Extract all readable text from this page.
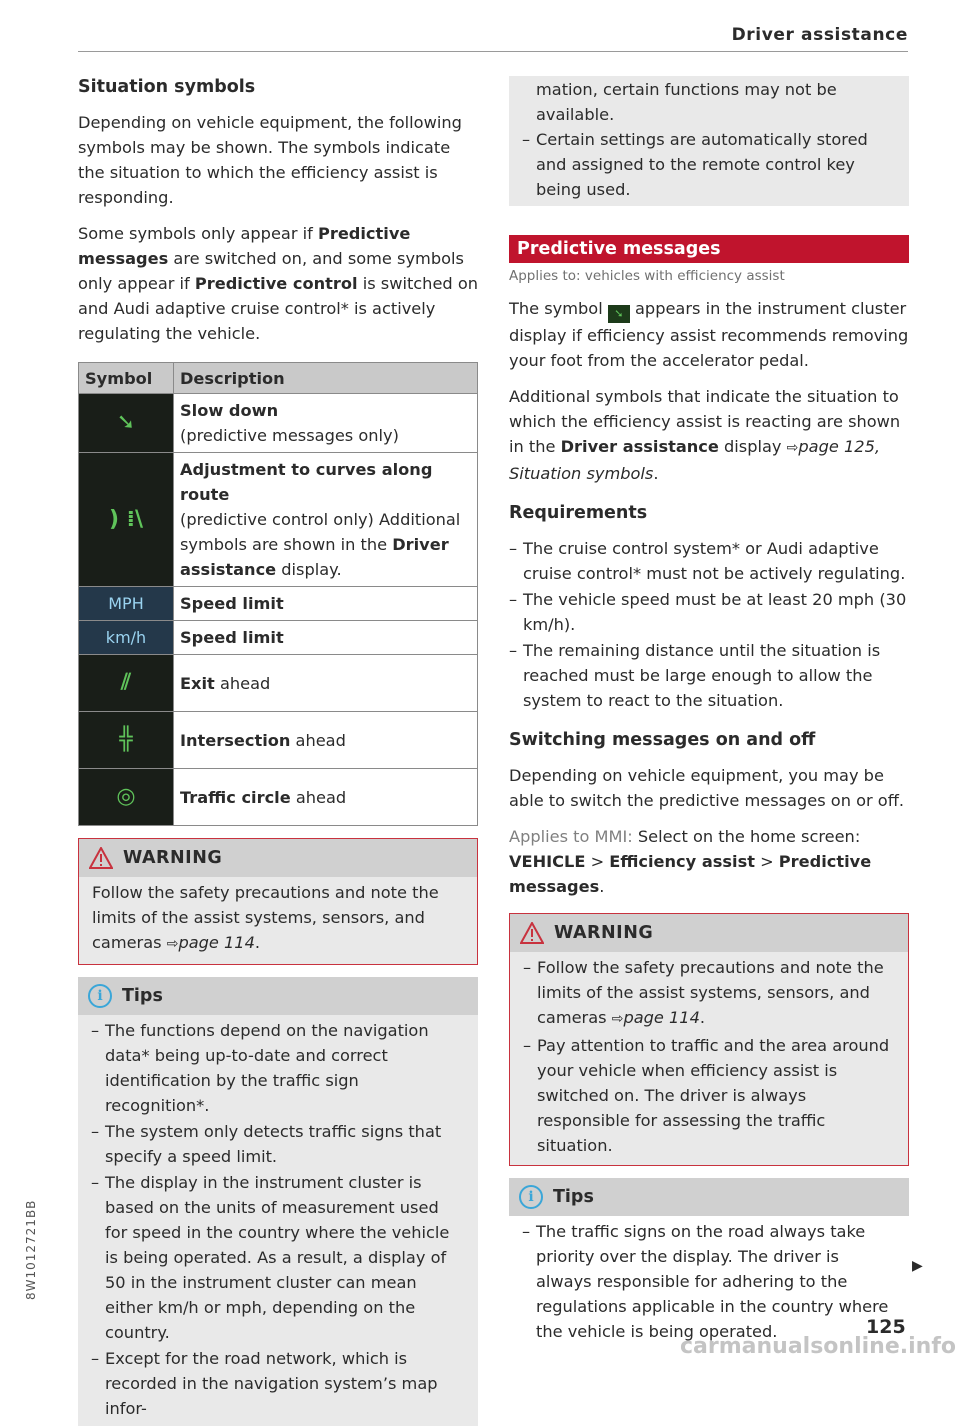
Driver assistance
Situation symbols

Depending on vehicle equipment, the following symbols may be shown. The symbols indicate the situation to which the efficiency assist is responding.

Some symbols only appear if Predictive messages are switched on, and some symbols only appear if Predictive control is switched on and Audi adaptive cruise control* is actively regulating the vehicle.

Symbol	Description
➘	Slow down
(predictive messages only)
) ⁞\	Adjustment to curves along route
(predictive control only) Additional symbols are shown in the Driver assistance display.
MPH	Speed limit
km/h	Speed limit
⫽	Exit ahead
╬	Intersection ahead
◎	Traffic circle ahead
WARNING

Follow the safety precautions and note the limits of the assist systems, sensors, and cameras ⇨page 114.

i	Tips
– The functions depend on the navigation data* being up-to-date and correct identification by the traffic sign recognition*.
– The system only detects traffic signs that specify a speed limit.
– The display in the instrument cluster is based on the units of measurement used for speed in the country where the vehicle is being operated. As a result, a display of 50 in the instrument cluster can mean either km/h or mph, depending on the country.
– Except for the road network, which is recorded in the navigation system’s map infor-

mation, certain functions may not be available.

– Certain settings are automatically stored and assigned to the remote control key being used.
Predictive messages
Applies to: vehicles with efficiency assist

The symbol ➘ appears in the instrument cluster display if efficiency assist recommends removing your foot from the accelerator pedal.

Additional symbols that indicate the situation to which the efficiency assist is reacting are shown in the Driver assistance display ⇨page 125, Situation symbols.

Requirements
– The cruise control system* or Audi adaptive cruise control* must not be actively regulating.
– The vehicle speed must be at least 20 mph (30 km/h).
– The remaining distance until the situation is reached must be large enough to allow the system to react to the situation.
Switching messages on and off

Depending on vehicle equipment, you may be able to switch the predictive messages on or off.

Applies to MMI: Select on the home screen: VEHICLE > Efficiency assist > Predictive messages.

WARNING
– Follow the safety precautions and note the limits of the assist systems, sensors, and cameras ⇨page 114.
– Pay attention to traffic and the area around your vehicle when efficiency assist is switched on. The driver is always responsible for assessing the traffic situation.
i	Tips
– The traffic signs on the road always take priority over the display. The driver is always responsible for adhering to the regulations applicable in the country where the vehicle is being operated.
▶
125
8W1012721BB
carmanualsonline.info
